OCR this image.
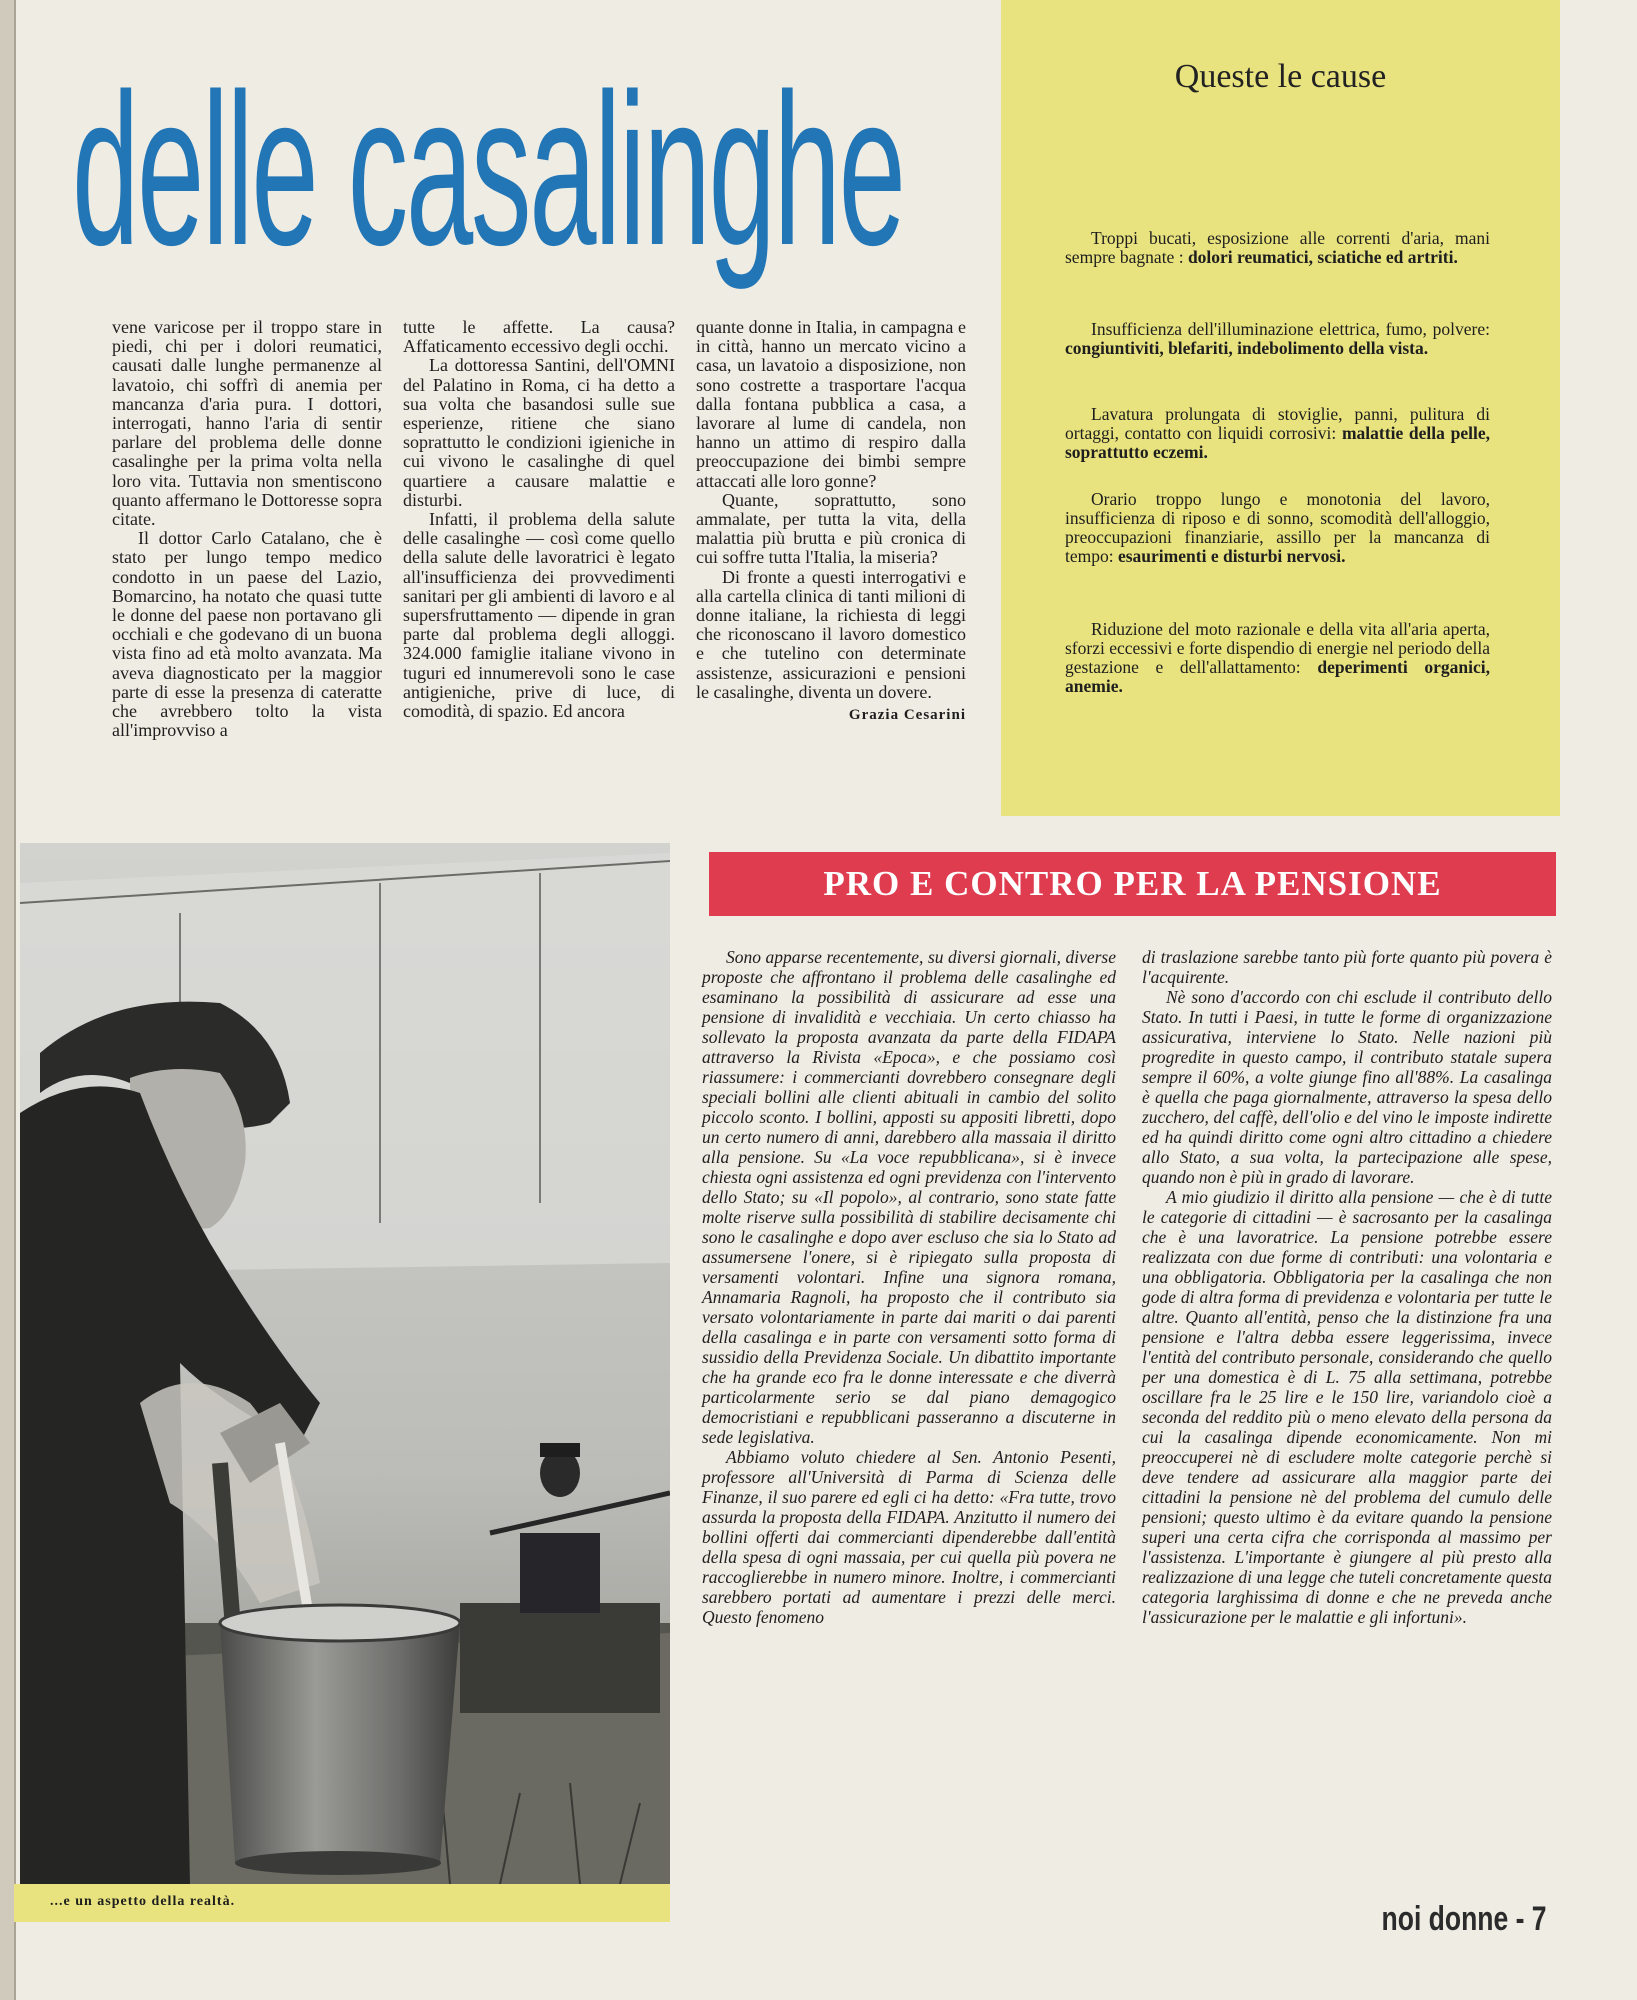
delle casalinghe

vene varicose per il troppo stare in piedi, chi per i dolori reumatici, causati dalle lunghe permanenze al lavatoio, chi soffrì di anemia per mancanza d'aria pura. I dottori, interrogati, hanno l'aria di sentir parlare del problema delle donne casalinghe per la prima volta nella loro vita. Tuttavia non smentiscono quanto affermano le Dottoresse sopra citate.

Il dottor Carlo Catalano, che è stato per lungo tempo medico condotto in un paese del Lazio, Bomarcino, ha notato che quasi tutte le donne del paese non portavano gli occhiali e che godevano di un buona vista fino ad età molto avanzata. Ma aveva diagnosticato per la maggior parte di esse la presenza di cateratte che avrebbero tolto la vista all'improvviso a

tutte le affette. La causa? Affaticamento eccessivo degli occhi.

La dottoressa Santini, dell'OMNI del Palatino in Roma, ci ha detto a sua volta che basandosi sulle sue esperienze, ritiene che siano soprattutto le condizioni igieniche in cui vivono le casalinghe di quel quartiere a causare malattie e disturbi.

Infatti, il problema della salute delle casalinghe — così come quello della salute delle lavoratrici è legato all'insufficienza dei provvedimenti sanitari per gli ambienti di lavoro e al supersfruttamento — dipende in gran parte dal problema degli alloggi. 324.000 famiglie italiane vivono in tuguri ed innumerevoli sono le case antigieniche, prive di luce, di comodità, di spazio. Ed ancora

quante donne in Italia, in campagna e in città, hanno un mercato vicino a casa, un lavatoio a disposizione, non sono costrette a trasportare l'acqua dalla fontana pubblica a casa, a lavorare al lume di candela, non hanno un attimo di respiro dalla preoccupazione dei bimbi sempre attaccati alle loro gonne?

Quante, soprattutto, sono ammalate, per tutta la vita, della malattia più brutta e più cronica di cui soffre tutta l'Italia, la miseria?

Di fronte a questi interrogativi e alla cartella clinica di tanti milioni di donne italiane, la richiesta di leggi che riconoscano il lavoro domestico e che tutelino con determinate assistenze, assicurazioni e pensioni le casalinghe, diventa un dovere.

Grazia Cesarini
Queste le cause

Troppi bucati, esposizione alle correnti d'aria, mani sempre bagnate : dolori reumatici, sciatiche ed artriti.

Insufficienza dell'illuminazione elettrica, fumo, polvere: congiuntiviti, blefariti, indebolimento della vista.

Lavatura prolungata di stoviglie, panni, pulitura di ortaggi, contatto con liquidi corrosivi: malattie della pelle, soprattutto eczemi.

Orario troppo lungo e monotonia del lavoro, insufficienza di riposo e di sonno, scomodità dell'alloggio, preoccupazioni finanziarie, assillo per la mancanza di tempo: esaurimenti e disturbi nervosi.

Riduzione del moto razionale e della vita all'aria aperta, sforzi eccessivi e forte dispendio di energie nel periodo della gestazione e dell'allattamento: deperimenti organici, anemie.

PRO E CONTRO PER LA PENSIONE

Sono apparse recentemente, su diversi giornali, diverse proposte che affrontano il problema delle casalinghe ed esaminano la possibilità di assicurare ad esse una pensione di invalidità e vecchiaia. Un certo chiasso ha sollevato la proposta avanzata da parte della FIDAPA attraverso la Rivista «Epoca», e che possiamo così riassumere: i commercianti dovrebbero consegnare degli speciali bollini alle clienti abituali in cambio del solito piccolo sconto. I bollini, apposti su appositi libretti, dopo un certo numero di anni, darebbero alla massaia il diritto alla pensione. Su «La voce repubblicana», si è invece chiesta ogni assistenza ed ogni previdenza con l'intervento dello Stato; su «Il popolo», al contrario, sono state fatte molte riserve sulla possibilità di stabilire decisamente chi sono le casalinghe e dopo aver escluso che sia lo Stato ad assumersene l'onere, si è ripiegato sulla proposta di versamenti volontari. Infine una signora romana, Annamaria Ragnoli, ha proposto che il contributo sia versato volontariamente in parte dai mariti o dai parenti della casalinga e in parte con versamenti sotto forma di sussidio della Previdenza Sociale. Un dibattito importante che ha grande eco fra le donne interessate e che diverrà particolarmente serio se dal piano demagogico democristiani e repubblicani passeranno a discuterne in sede legislativa.

Abbiamo voluto chiedere al Sen. Antonio Pesenti, professore all'Università di Parma di Scienza delle Finanze, il suo parere ed egli ci ha detto: «Fra tutte, trovo assurda la proposta della FIDAPA. Anzitutto il numero dei bollini offerti dai commercianti dipenderebbe dall'entità della spesa di ogni massaia, per cui quella più povera ne raccoglierebbe in numero minore. Inoltre, i commercianti sarebbero portati ad aumentare i prezzi delle merci. Questo fenomeno

di traslazione sarebbe tanto più forte quanto più povera è l'acquirente.

Nè sono d'accordo con chi esclude il contributo dello Stato. In tutti i Paesi, in tutte le forme di organizzazione assicurativa, interviene lo Stato. Nelle nazioni più progredite in questo campo, il contributo statale supera sempre il 60%, a volte giunge fino all'88%. La casalinga è quella che paga giornalmente, attraverso la spesa dello zucchero, del caffè, dell'olio e del vino le imposte indirette ed ha quindi diritto come ogni altro cittadino a chiedere allo Stato, a sua volta, la partecipazione alle spese, quando non è più in grado di lavorare.

A mio giudizio il diritto alla pensione — che è di tutte le categorie di cittadini — è sacrosanto per la casalinga che è una lavoratrice. La pensione potrebbe essere realizzata con due forme di contributi: una volontaria e una obbligatoria. Obbligatoria per la casalinga che non gode di altra forma di previdenza e volontaria per tutte le altre. Quanto all'entità, penso che la distinzione fra una pensione e l'altra debba essere leggerissima, invece l'entità del contributo personale, considerando che quello per una domestica è di L. 75 alla settimana, potrebbe oscillare fra le 25 lire e le 150 lire, variandolo cioè a seconda del reddito più o meno elevato della persona da cui la casalinga dipende economicamente. Non mi preoccuperei nè di escludere molte categorie perchè si deve tendere ad assicurare alla maggior parte dei cittadini la pensione nè del problema del cumulo delle pensioni; questo ultimo è da evitare quando la pensione superi una certa cifra che corrisponda al massimo per l'assistenza. L'importante è giungere al più presto alla realizzazione di una legge che tuteli concretamente questa categoria larghissima di donne e che ne preveda anche l'assicurazione per le malattie e gli infortuni».

...e un aspetto della realtà.	noi donne - 7
